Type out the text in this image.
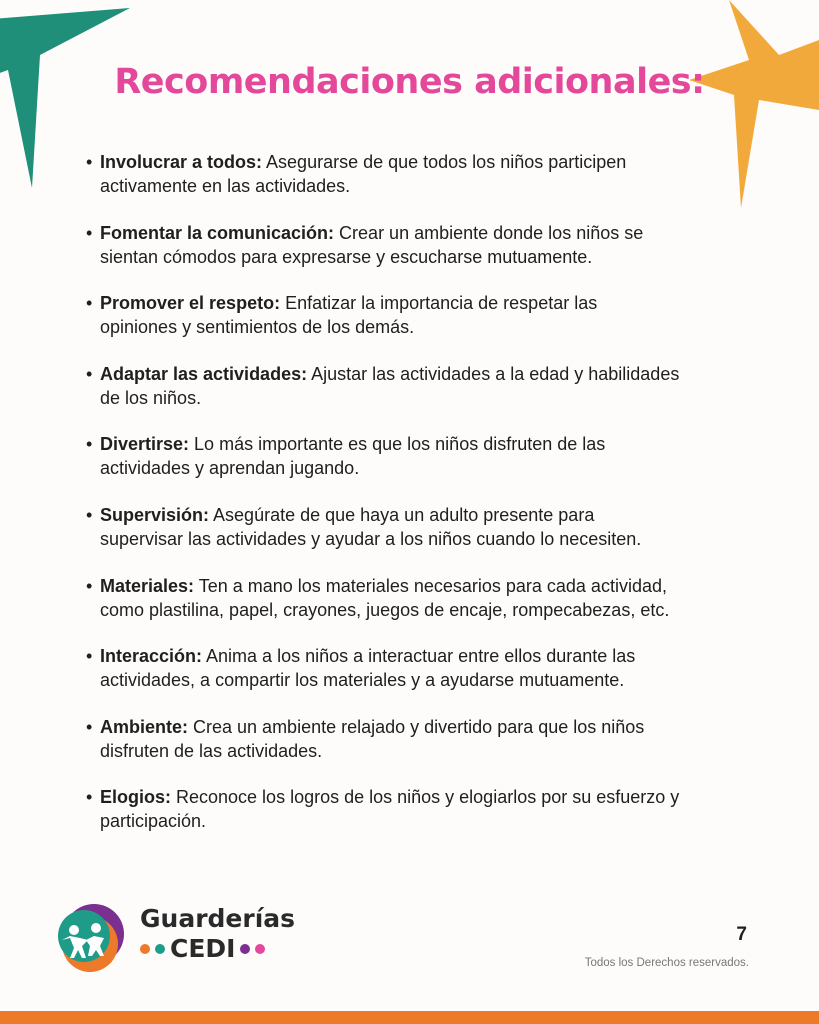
Recomendaciones adicionales:
• Involucrar a todos: Asegurarse de que todos los niños participen
activamente en las actividades.
• Fomentar la comunicación: Crear un ambiente donde los niños se
sientan cómodos para expresarse y escucharse mutuamente.
• Promover el respeto: Enfatizar la importancia de respetar las
opiniones y sentimientos de los demás.
• Adaptar las actividades: Ajustar las actividades a la edad y habilidades
de los niños.
• Divertirse: Lo más importante es que los niños disfruten de las
actividades y aprendan jugando.
• Supervisión: Asegúrate de que haya un adulto presente para
supervisar las actividades y ayudar a los niños cuando lo necesiten.
• Materiales: Ten a mano los materiales necesarios para cada actividad,
como plastilina, papel, crayones, juegos de encaje, rompecabezas, etc.
• Interacción: Anima a los niños a interactuar entre ellos durante las
actividades, a compartir los materiales y a ayudarse mutuamente.
• Ambiente: Crea un ambiente relajado y divertido para que los niños
disfruten de las actividades.
• Elogios: Reconoce los logros de los niños y elogiarlos por su esfuerzo y
participación.
Guarderías
CEDI	7
Todos los Derechos reservados.
